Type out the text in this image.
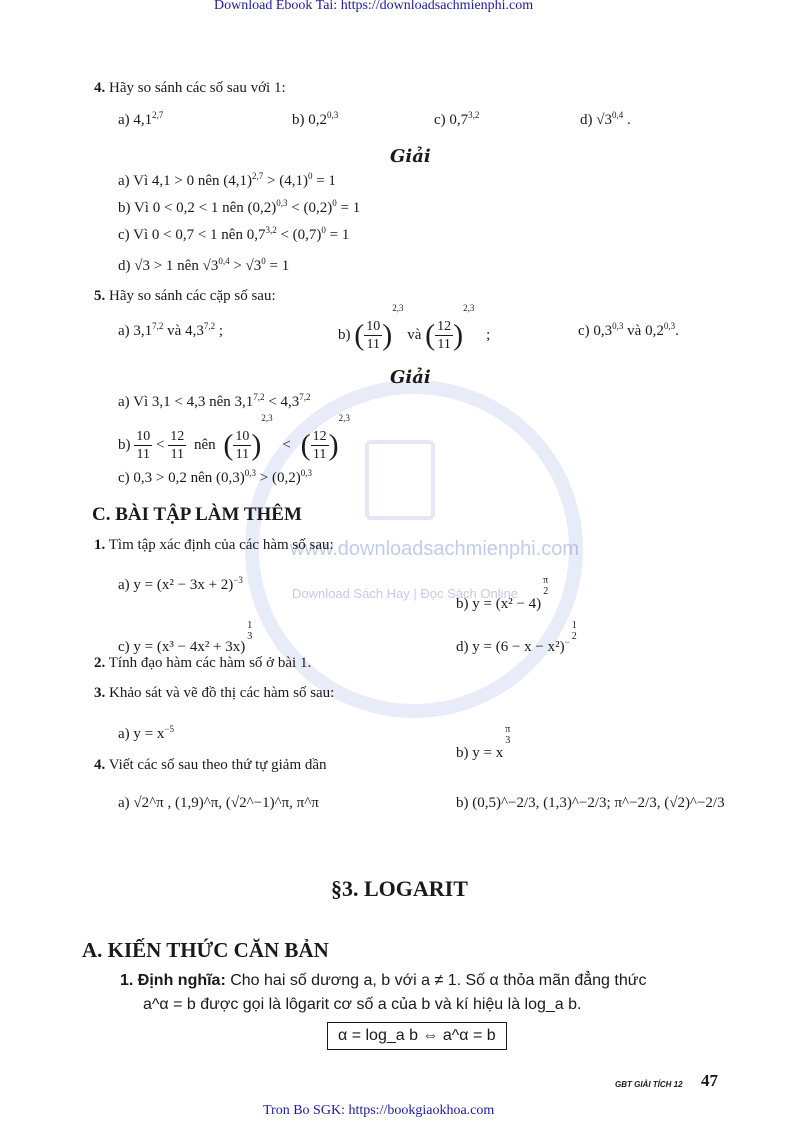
www.downloadsachmienphi.com
Download Sách Hay | Đọc Sách Online
Download Ebook Tai: https://downloadsachmienphi.com
4. Hãy so sánh các số sau với 1:
a) 4,1$^{2,7}$	b) 0,2$^{0,3}$	c) 0,7$^{3,2}$	d) √3$^{0,4}$ .
Giải
a) Vì 4,1 > 0 nên $(4,1)^{2,7} > (4,1)^0 = 1$
b) Vì 0 < 0,2 < 1 nên $(0,2)^{0,3} < (0,2)^0 = 1$
c) Vì 0 < 0,7 < 1 nên $0,7^{3,2} < (0,7)^0 = 1$
d) √3 > 1 nên $√3^{0,4} > √3^0 = 1$
5. Hãy so sánh các cặp số sau:
a) 3,1$^{7,2}$ và 4,3$^{7,2}$ ;	b) ( $\frac{10}{11} )^{2,3}$ và ( $\frac{12}{11} )^{2,3}$ ;	c) 0,3$^{0,3}$ và 0,2$^{0,3}$.
Giải
a) Vì 3,1 < 4,3 nên $3,1^{7,2} < 4,3^{7,2}$
$b) \frac{10}{11} < \frac{12}{11}$ nên ( $\frac{10}{11} )^{2,3}$ < ( $\frac{12}{11} )^{2,3}$
c) 0,3 > 0,2 nên $(0,3)^{0,3} > (0,2)^{0,3}$
C. BÀI TẬP LÀM THÊM
1. Tìm tập xác định của các hàm số sau:
a) $y = (x^2 - 3x + 2)^{-3}$
b) y = (x² − 4)
π
2
c) y = (x³ − 4x² + 3x)
1
3
d) y = (6 − x − x²)−
1
2
2. Tính đạo hàm các hàm số ở bài 1.
3. Khảo sát và vẽ đồ thị các hàm số sau:
a) $y = x^{-5}$
b) y = x
π
3
4. Viết các số sau theo thứ tự giảm dần
a) √2^π , (1,9)^π, (√2^−1)^π, π^π	b) (0,5)^−2/3, (1,3)^−2/3; π^−2/3, (√2)^−2/3
§3. LOGARIT
A. KIẾN THỨC CĂN BẢN
1. Định nghĩa: Cho hai số dương a, b với a ≠ 1. Số α thỏa mãn đẳng thức
a^α = b được gọi là lôgarit cơ số a của b và kí hiệu là log_a b.
α = log_a b ⇔ a^α = b
GBT GIẢI TÍCH 12 47
Tron Bo SGK: https://bookgiaokhoa.com
